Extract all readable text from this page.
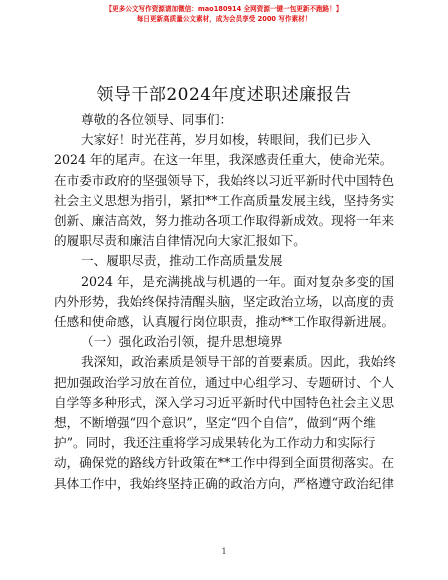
【更多公文写作资源请加微信：mao180914 全网资源一键一包更新不跑路！】
每日更新高质量公文素材，成为会员享受 2000 写作素材！
领导干部2024年度述职述廉报告
尊敬的各位领导、同事们：
大家好！时光荏苒，岁月如梭，转眼间，我们已步入
2024 年的尾声。在这一年里，我深感责任重大，使命光荣。
在市委市政府的坚强领导下，我始终以习近平新时代中国特色
社会主义思想为指引，紧扣**工作高质量发展主线，坚持务实
创新、廉洁高效，努力推动各项工作取得新成效。现将一年来
的履职尽责和廉洁自律情况向大家汇报如下。
一、履职尽责，推动工作高质量发展
2024 年，是充满挑战与机遇的一年。面对复杂多变的国
内外形势，我始终保持清醒头脑，坚定政治立场，以高度的责
任感和使命感，认真履行岗位职责，推动**工作取得新进展。
（一）强化政治引领，提升思想境界
我深知，政治素质是领导干部的首要素质。因此，我始终
把加强政治学习放在首位，通过中心组学习、专题研讨、个人
自学等多种形式，深入学习习近平新时代中国特色社会主义思
想，不断增强“四个意识”，坚定“四个自信”，做到“两个维
护”。同时，我还注重将学习成果转化为工作动力和实际行
动，确保党的路线方针政策在**工作中得到全面贯彻落实。在
具体工作中，我始终坚持正确的政治方向，严格遵守政治纪律
1
